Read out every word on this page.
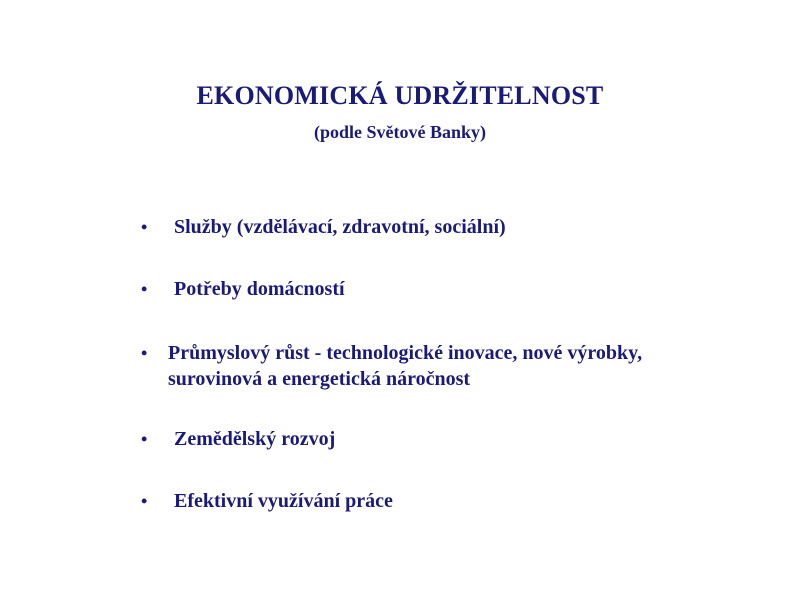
EKONOMICKÁ UDRŽITELNOST
(podle Světové Banky)
• Služby (vzdělávací, zdravotní, sociální)
• Potřeby domácností
• Průmyslový růst - technologické inovace, nové výrobky, surovinová a energetická náročnost
• Zemědělský rozvoj
• Efektivní využívání práce
